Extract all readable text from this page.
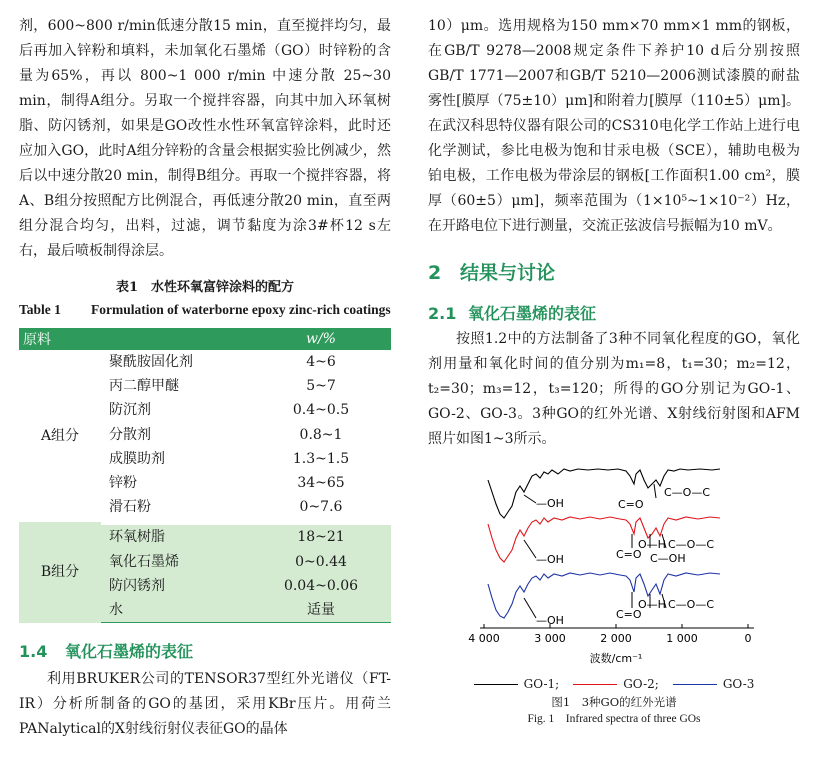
剂，600~800 r/min低速分散15 min，直至搅拌均匀，最后再加入锌粉和填料，未加氧化石墨烯（GO）时锌粉的含量为65%，再以 800~1 000 r/min 中速分散 25~30 min，制得A组分。另取一个搅拌容器，向其中加入环氧树脂、防闪锈剂，如果是GO改性水性环氧富锌涂料，此时还应加入GO，此时A组分锌粉的含量会根据实验比例减少，然后以中速分散20 min，制得B组分。再取一个搅拌容器，将A、B组分按照配方比例混合，再低速分散20 min，直至两组分混合均匀，出料，过滤，调节黏度为涂3#杯12 s左右，最后喷板制得涂层。

表1　水性环氧富锌涂料的配方
Table 1	Formulation of waterborne epoxy zinc-rich coatings
原料		w/%
A组分	聚酰胺固化剂	4~6
	丙二醇甲醚	5~7
	防沉剂	0.4~0.5
	分散剂	0.8~1
	成膜助剂	1.3~1.5
	锌粉	34~65
	滑石粉	0~7.6
B组分	环氧树脂	18~21
	氧化石墨烯	0~0.44
	防闪锈剂	0.04~0.06
	水	适量
1.4 氧化石墨烯的表征

利用BRUKER公司的TENSOR37型红外光谱仪（FT-IR）分析所制备的GO的基团，采用KBr压片。用荷兰PANalytical的X射线衍射仪表征GO的晶体

10）μm。选用规格为150 mm×70 mm×1 mm的钢板，在GB/T 9278—2008规定条件下养护10 d后分别按照GB/T 1771—2007和GB/T 5210—2006测试漆膜的耐盐雾性[膜厚（75±10）μm]和附着力[膜厚（110±5）μm]。在武汉科思特仪器有限公司的CS310电化学工作站上进行电化学测试，参比电极为饱和甘汞电极（SCE），辅助电极为铂电极，工作电极为带涂层的钢板[工作面积1.00 cm²，膜厚（60±5）μm]，频率范围为（1×10⁵~1×10⁻²）Hz，在开路电位下进行测量，交流正弦波信号振幅为10 mV。

2 结果与讨论
2.1 氧化石墨烯的表征

按照1.2中的方法制备了3种不同氧化程度的GO，氧化剂用量和氧化时间的值分别为m₁=8，t₁=30；m₂=12，t₂=30；m₃=12，t₃=120；所得的GO分别记为GO-1、GO-2、GO-3。3种GO的红外光谱、X射线衍射图和AFM照片如图1~3所示。

—OH
—OH
—OH
C=O
C=O
C=O
C—O—C
C—O—C
C—O—C
O—H
O—H
C—OH
4 000	3 000	2 000	1 000	0
波数/cm⁻¹
GO-1;	GO-2;	GO-3
图1　3种GO的红外光谱
Fig. 1　Infrared spectra of three GOs
